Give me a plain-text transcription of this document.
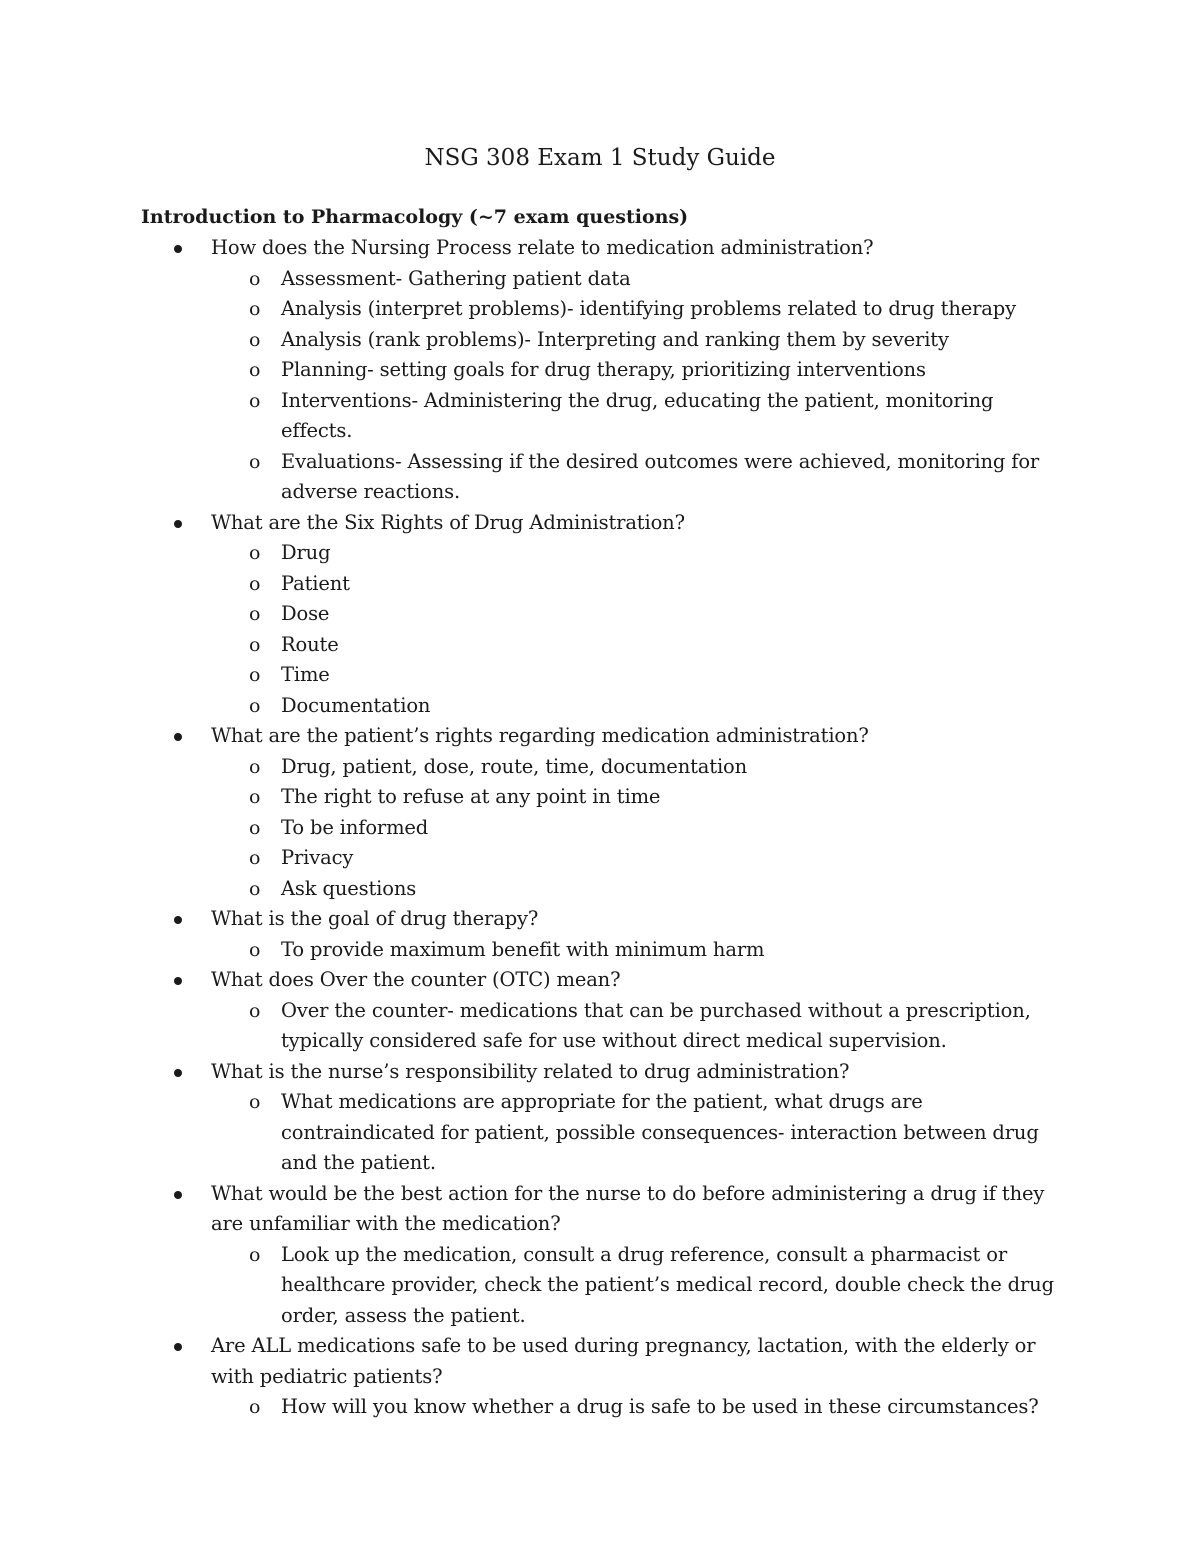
NSG 308 Exam 1 Study Guide
Introduction to Pharmacology (~7 exam questions)
How does the Nursing Process relate to medication administration?
o Assessment- Gathering patient data
o Analysis (interpret problems)- identifying problems related to drug therapy
o Analysis (rank problems)- Interpreting and ranking them by severity
o Planning- setting goals for drug therapy, prioritizing interventions
o Interventions- Administering the drug, educating the patient, monitoring effects.
o Evaluations- Assessing if the desired outcomes were achieved, monitoring for adverse reactions.
What are the Six Rights of Drug Administration?
o Drug
o Patient
o Dose
o Route
o Time
o Documentation
What are the patient’s rights regarding medication administration?
o Drug, patient, dose, route, time, documentation
o The right to refuse at any point in time
o To be informed
o Privacy
o Ask questions
What is the goal of drug therapy?
o To provide maximum benefit with minimum harm
What does Over the counter (OTC) mean?
o Over the counter- medications that can be purchased without a prescription, typically considered safe for use without direct medical supervision.
What is the nurse’s responsibility related to drug administration?
o What medications are appropriate for the patient, what drugs are contraindicated for patient, possible consequences- interaction between drug and the patient.
What would be the best action for the nurse to do before administering a drug if they are unfamiliar with the medication?
o Look up the medication, consult a drug reference, consult a pharmacist or healthcare provider, check the patient’s medical record, double check the drug order, assess the patient.
Are ALL medications safe to be used during pregnancy, lactation, with the elderly or with pediatric patients?
o How will you know whether a drug is safe to be used in these circumstances?
